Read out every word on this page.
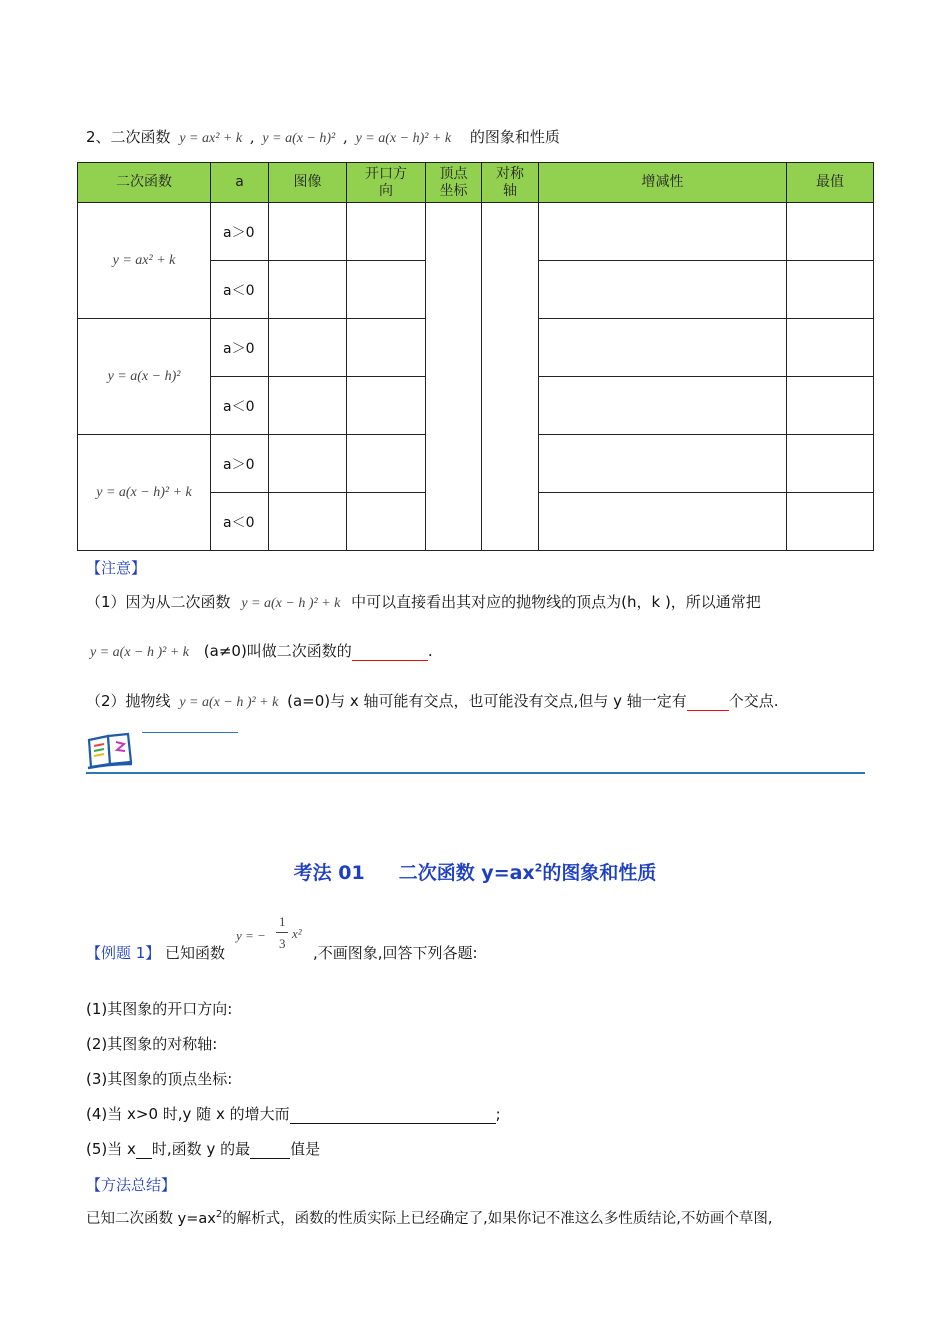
2、二次函数 y = ax² + k , y = a(x − h)² , y = a(x − h)² + k 的图象和性质
二次函数	a	图像	开口方向	顶点坐标	对称轴	增减性	最值
y = ax² + k	a＞0						
	a＜0						
y = a(x − h)²	a＞0						
	a＜0						
y = a(x − h)² + k	a＞0						
	a＜0						
【注意】
（1）因为从二次函数 y = a(x − h )² + k 中可以直接看出其对应的抛物线的顶点为(h，k )，所以通常把
y = a(x − h )² + k (a≠0)叫做二次函数的	.
（2）抛物线 y = a(x − h )² + k (a=0)与 x 轴可能有交点，也可能没有交点,但与 y 轴一定有	个交点.
考法 01 二次函数 $y=ax^2$的图象和性质
【例题 1】 已知函数
y = −
1
3
x²
,不画图象,回答下列各题:
(1)其图象的开口方向:
(2)其图象的对称轴:
(3)其图象的顶点坐标:
(4)当 x>0 时,y 随 x 的增大而	;
(5)当 x 时,函数 y 的最	值是
【方法总结】
已知二次函数 $y=ax^2$的解析式，函数的性质实际上已经确定了,如果你记不准这么多性质结论,不妨画个草图,
